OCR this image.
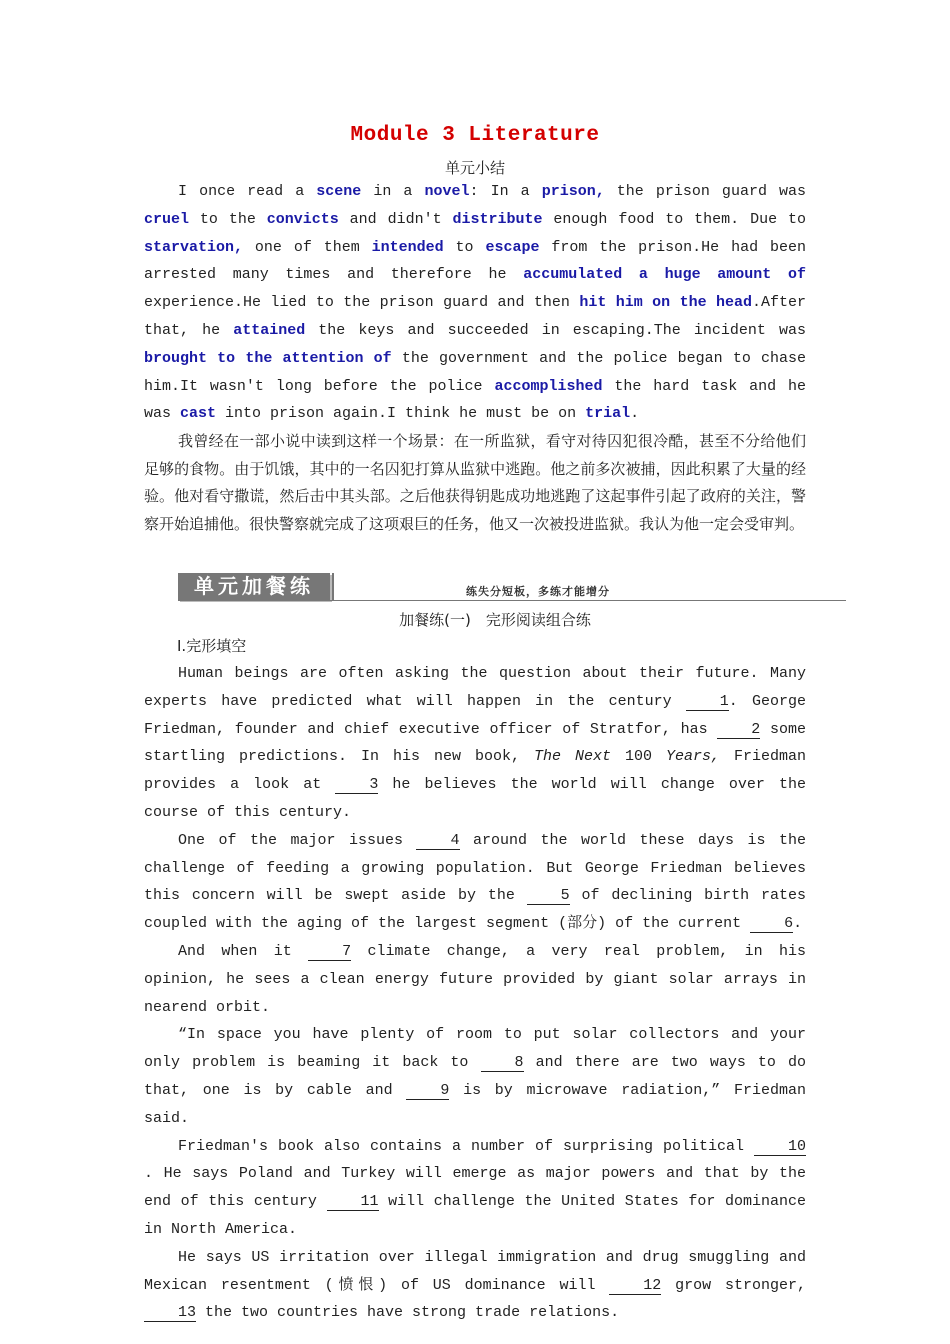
Module 3 Literature
单元小结
I once read a scene in a novel: In a prison, the prison guard was cruel to the convicts and didn't distribute enough food to them. Due to starvation, one of them intended to escape from the prison.He had been arrested many times and therefore he accumulated a huge amount of experience.He lied to the prison guard and then hit him on the head.After that, he attained the keys and succeeded in escaping.The incident was brought to the attention of the government and the police began to chase him.It wasn't long before the police accomplished the hard task and he was cast into prison again.I think he must be on trial.
我曾经在一部小说中读到这样一个场景：在一所监狱，看守对待囚犯很冷酷，甚至不分给他们足够的食物。由于饥饿，其中的一名囚犯打算从监狱中逃跑。他之前多次被捕，因此积累了大量的经验。他对看守撒谎，然后击中其头部。之后他获得钥匙成功地逃跑了这起事件引起了政府的关注，警察开始追捕他。很快警察就完成了这项艰巨的任务，他又一次被投进监狱。我认为他一定会受审判。
单元加餐练	练失分短板，多练才能增分
加餐练(一)　完形阅读组合练
Ⅰ.完形填空
Human beings are often asking the question about their future. Many experts have predicted what will happen in the century 1. George Friedman, founder and chief executive officer of Stratfor, has 2 some startling predictions. In his new book, The Next 100 Years, Friedman provides a look at 3 he believes the world will change over the course of this century.
One of the major issues 4 around the world these days is the challenge of feeding a growing population. But George Friedman believes this concern will be swept aside by the 5 of declining birth rates coupled with the aging of the largest segment (部分) of the current 6.
And when it 7 climate change, a very real problem, in his opinion, he sees a clean energy future provided by giant solar arrays in nearend orbit.
“In space you have plenty of room to put solar collectors and your only problem is beaming it back to 8 and there are two ways to do that, one is by cable and 9 is by microwave radiation,” Friedman said.
Friedman's book also contains a number of surprising political 10. He says Poland and Turkey will emerge as major powers and that by the end of this century 11 will challenge the United States for dominance in North America.
He says US irritation over illegal immigration and drug smuggling and Mexican resentment (愤恨) of US dominance will 12 grow stronger, 13 the two countries have strong trade relations.
